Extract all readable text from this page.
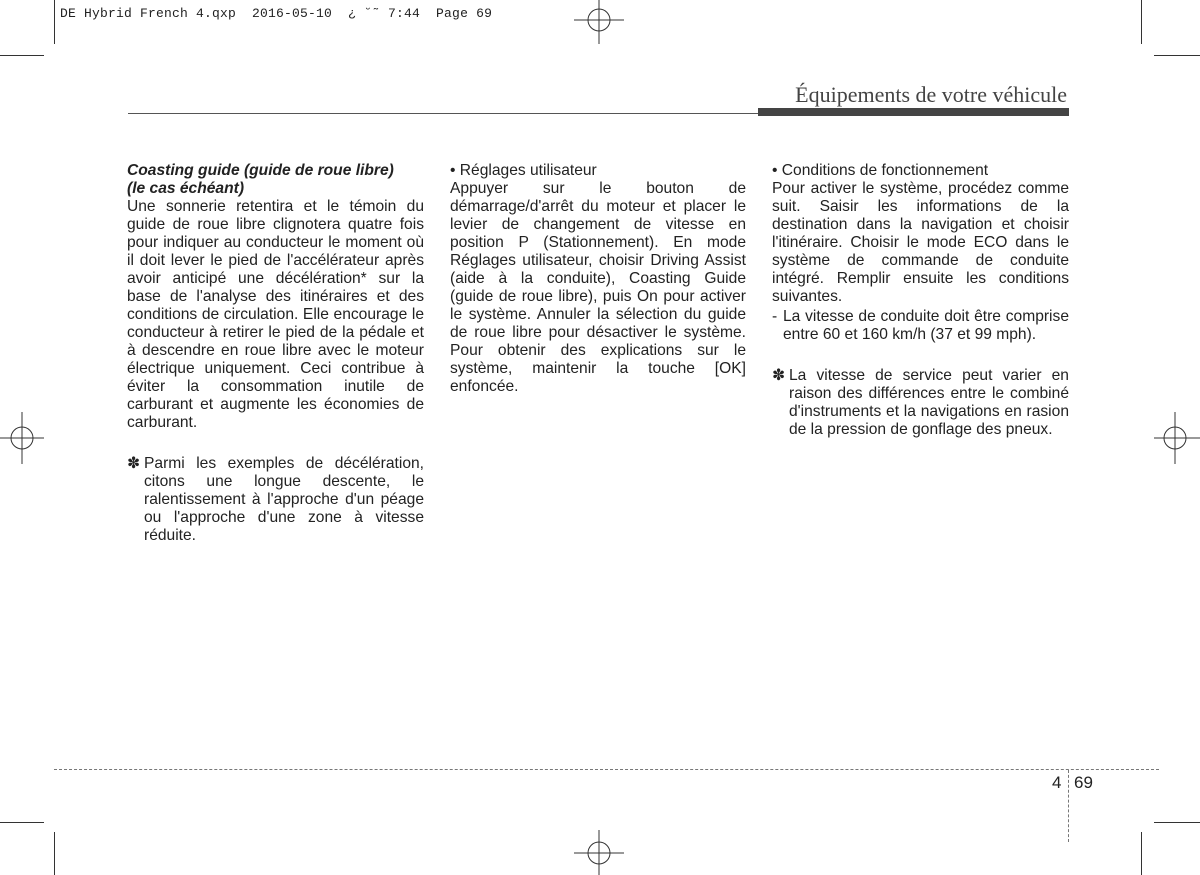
DE Hybrid French 4.qxp  2016-05-10  ¿ ˘˜ 7:44  Page 69
Équipements de votre véhicule

Coasting guide (guide de roue libre)

(le cas échéant)

Une sonnerie retentira et le témoin du guide de roue libre clignotera quatre fois pour indiquer au conducteur le moment où il doit lever le pied de l'accélérateur après avoir anticipé une décélération* sur la base de l'analyse des itinéraires et des conditions de circulation. Elle encourage le conducteur à retirer le pied de la pédale et à descendre en roue libre avec le moteur électrique uniquement. Ceci contribue à éviter la consommation inutile de carburant et augmente les économies de carburant.

✽ Parmi les exemples de décélération, citons une longue descente, le ralentissement à l'approche d'un péage ou l'approche d'une zone à vitesse réduite.

• Réglages utilisateur

Appuyer sur le bouton de démarrage/d'arrêt du moteur et placer le levier de changement de vitesse en position P (Stationnement). En mode Réglages utilisateur, choisir Driving Assist (aide à la conduite), Coasting Guide (guide de roue libre), puis On pour activer le système. Annuler la sélection du guide de roue libre pour désactiver le système. Pour obtenir des explications sur le système, maintenir la touche [OK] enfoncée.

• Conditions de fonctionnement

Pour activer le système, procédez comme suit. Saisir les informations de la destination dans la navigation et choisir l'itinéraire. Choisir le mode ECO dans le système de commande de conduite intégré. Remplir ensuite les conditions suivantes.

- La vitesse de conduite doit être comprise entre 60 et 160 km/h (37 et 99 mph).
✽ La vitesse de service peut varier en raison des différences entre le combiné d'instruments et la navigations en rasion de la pression de gonflage des pneux.
4 69
